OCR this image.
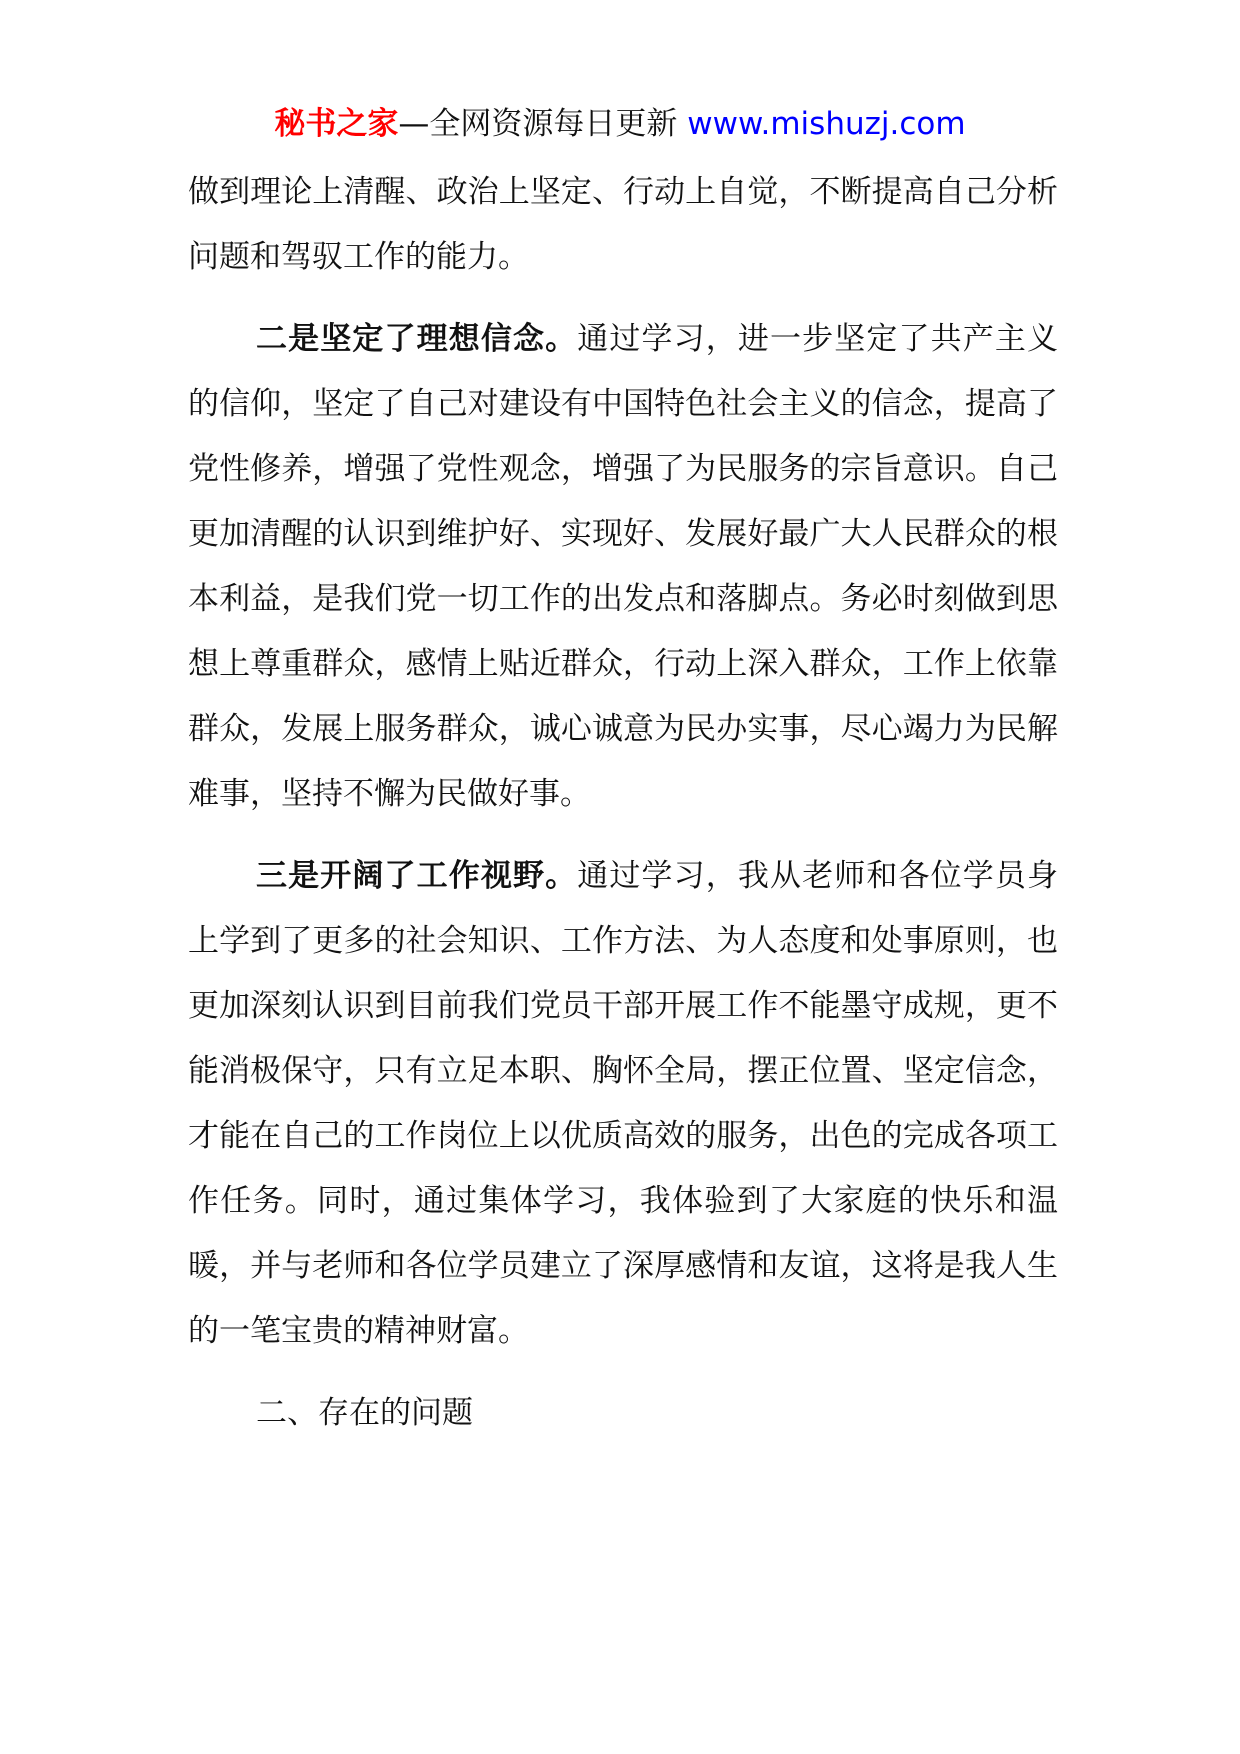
秘书之家—全网资源每日更新 www.mishuzj.com

做到理论上清醒、政治上坚定、行动上自觉，不断提高自己分析问题和驾驭工作的能力。

二是坚定了理想信念。通过学习，进一步坚定了共产主义的信仰，坚定了自己对建设有中国特色社会主义的信念，提高了党性修养，增强了党性观念，增强了为民服务的宗旨意识。自己更加清醒的认识到维护好、实现好、发展好最广大人民群众的根本利益，是我们党一切工作的出发点和落脚点。务必时刻做到思想上尊重群众，感情上贴近群众，行动上深入群众，工作上依靠群众，发展上服务群众，诚心诚意为民办实事，尽心竭力为民解难事，坚持不懈为民做好事。

三是开阔了工作视野。通过学习，我从老师和各位学员身上学到了更多的社会知识、工作方法、为人态度和处事原则，也更加深刻认识到目前我们党员干部开展工作不能墨守成规，更不能消极保守，只有立足本职、胸怀全局，摆正位置、坚定信念，才能在自己的工作岗位上以优质高效的服务，出色的完成各项工作任务。同时，通过集体学习，我体验到了大家庭的快乐和温暖，并与老师和各位学员建立了深厚感情和友谊，这将是我人生的一笔宝贵的精神财富。

二、存在的问题
